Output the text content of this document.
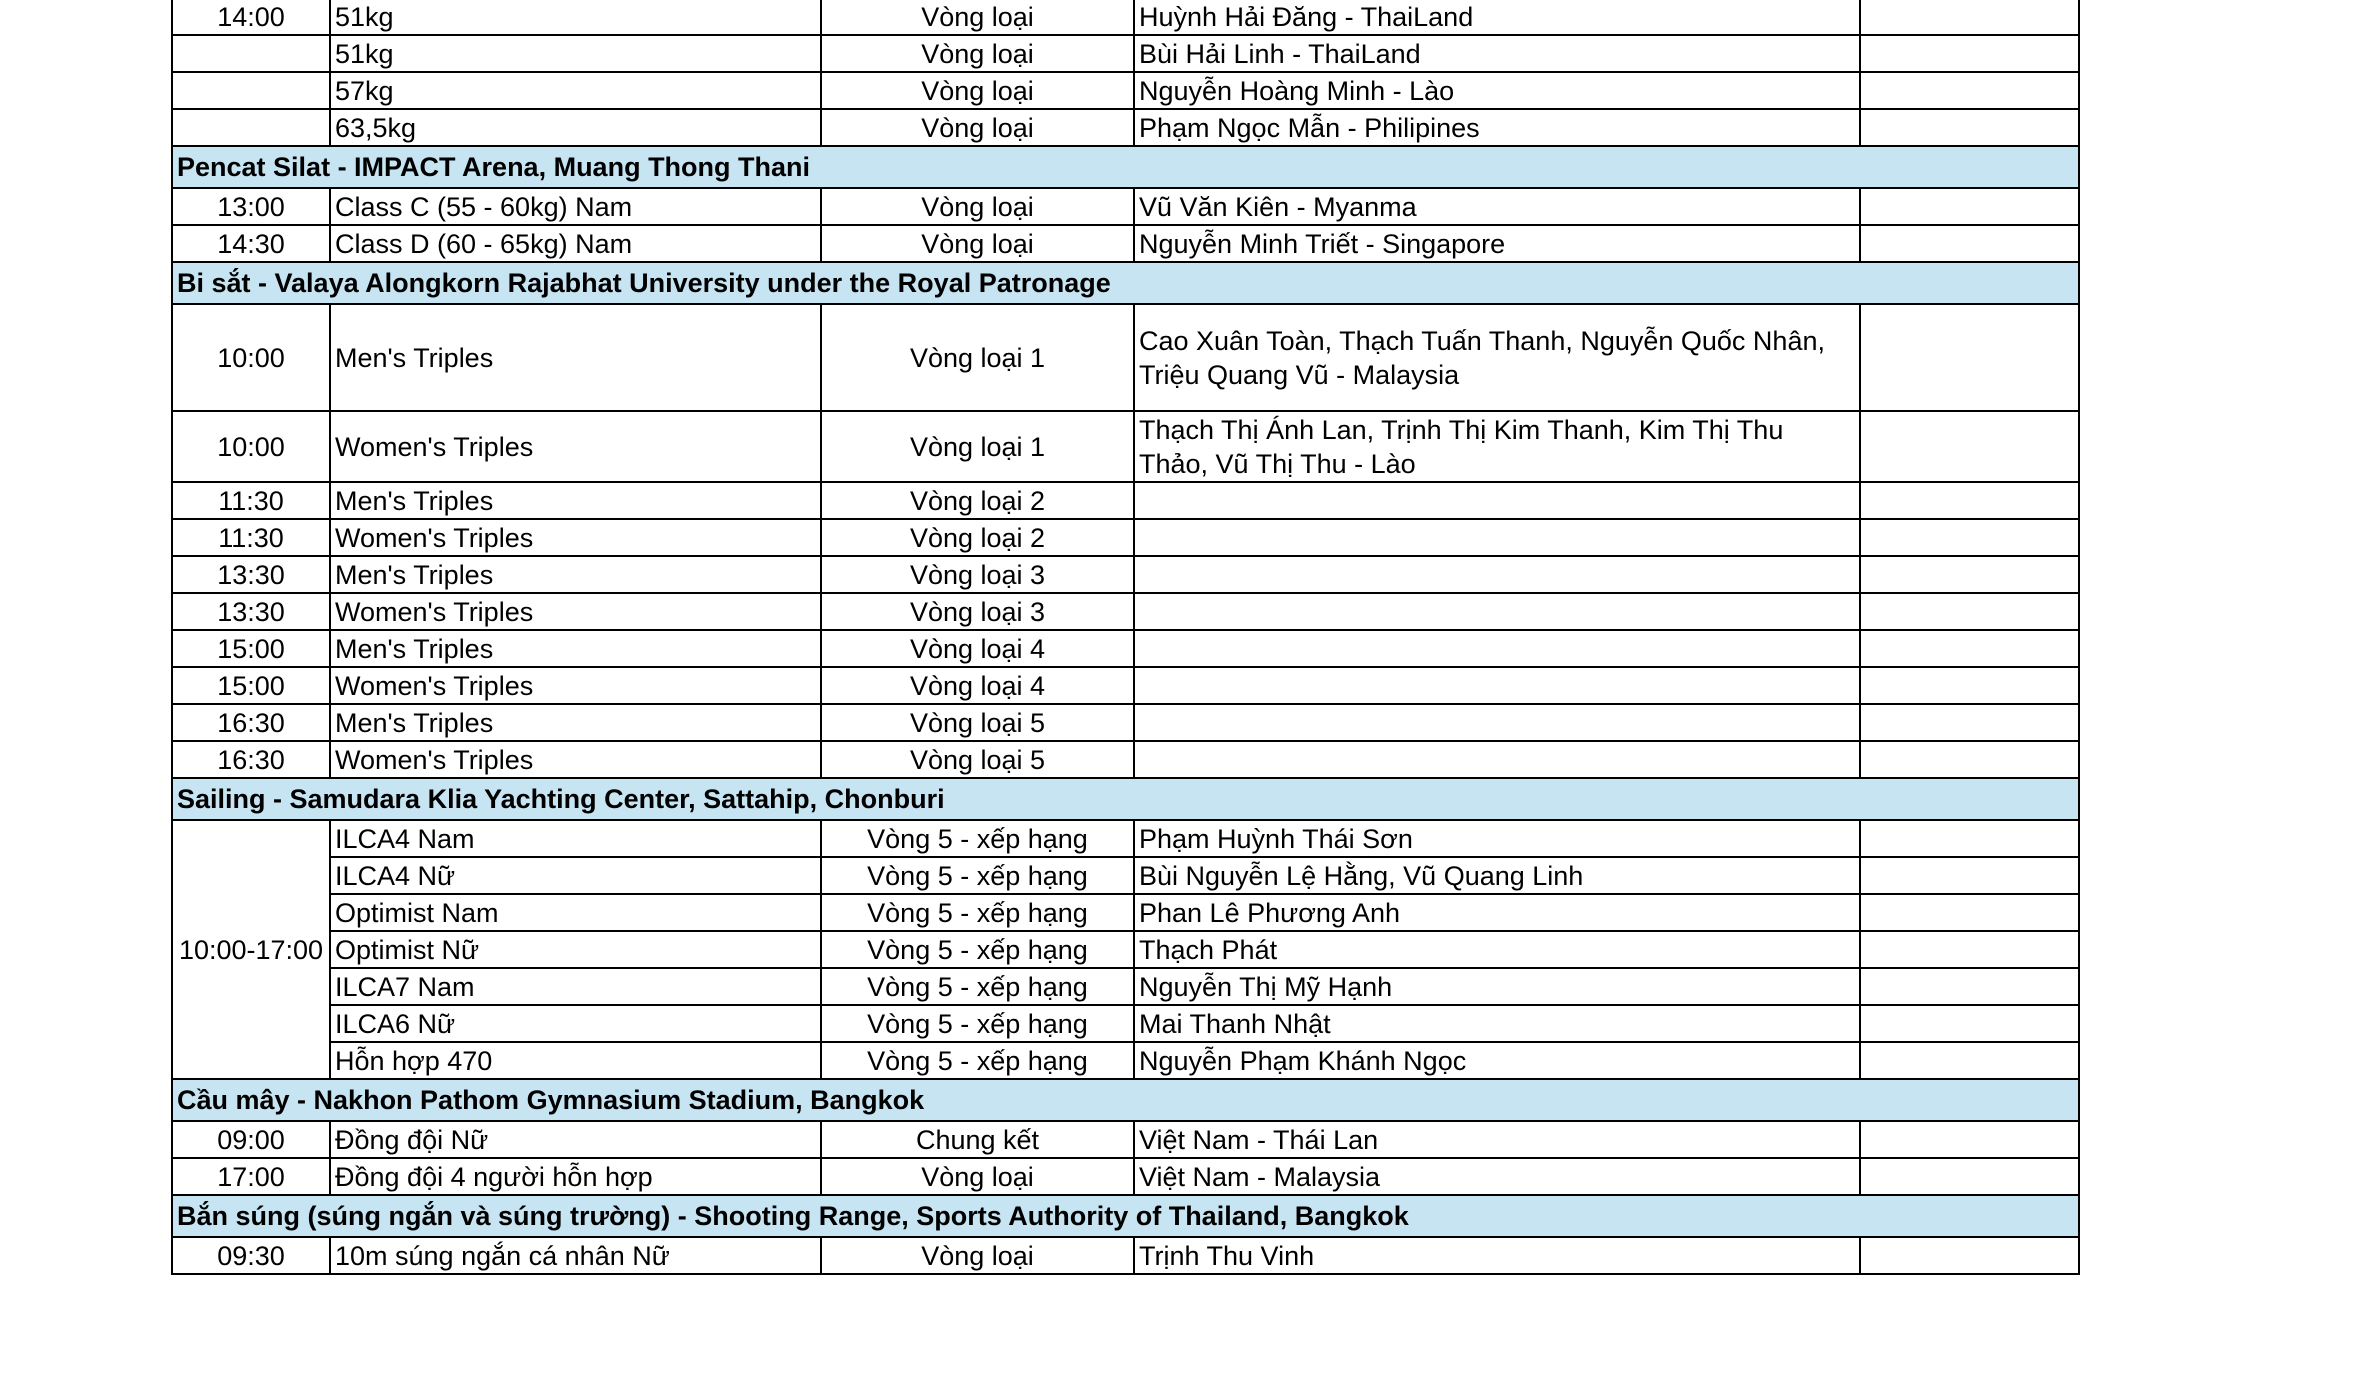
14:00	51kg	Vòng loại	Huỳnh Hải Đăng - ThaiLand	
	51kg	Vòng loại	Bùi Hải Linh - ThaiLand	
	57kg	Vòng loại	Nguyễn Hoàng Minh - Lào	
	63,5kg	Vòng loại	Phạm Ngọc Mẫn - Philipines	
Pencat Silat - IMPACT Arena, Muang Thong Thani				
13:00	Class C (55 - 60kg) Nam	Vòng loại	Vũ Văn Kiên - Myanma	
14:30	Class D (60 - 65kg) Nam	Vòng loại	Nguyễn Minh Triết - Singapore	
Bi sắt - Valaya Alongkorn Rajabhat University under the Royal Patronage				
10:00	Men's Triples	Vòng loại 1	Cao Xuân Toàn, Thạch Tuấn Thanh, Nguyễn Quốc Nhân, Triệu Quang Vũ - Malaysia	
10:00	Women's Triples	Vòng loại 1	Thạch Thị Ánh Lan, Trịnh Thị Kim Thanh, Kim Thị Thu Thảo, Vũ Thị Thu - Lào	
11:30	Men's Triples	Vòng loại 2		
11:30	Women's Triples	Vòng loại 2		
13:30	Men's Triples	Vòng loại 3		
13:30	Women's Triples	Vòng loại 3		
15:00	Men's Triples	Vòng loại 4		
15:00	Women's Triples	Vòng loại 4		
16:30	Men's Triples	Vòng loại 5		
16:30	Women's Triples	Vòng loại 5		
Sailing - Samudara Klia Yachting Center, Sattahip, Chonburi				
10:00-17:00	ILCA4 Nam	Vòng 5 - xếp hạng	Phạm Huỳnh Thái Sơn	
	ILCA4 Nữ	Vòng 5 - xếp hạng	Bùi Nguyễn Lệ Hằng, Vũ Quang Linh	
	Optimist Nam	Vòng 5 - xếp hạng	Phan Lê Phương Anh	
	Optimist Nữ	Vòng 5 - xếp hạng	Thạch Phát	
	ILCA7 Nam	Vòng 5 - xếp hạng	Nguyễn Thị Mỹ Hạnh	
	ILCA6 Nữ	Vòng 5 - xếp hạng	Mai Thanh Nhật	
	Hỗn hợp 470	Vòng 5 - xếp hạng	Nguyễn Phạm Khánh Ngọc	
Cầu mây - Nakhon Pathom Gymnasium Stadium, Bangkok				
09:00	Đồng đội Nữ	Chung kết	Việt Nam - Thái Lan	
17:00	Đồng đội 4 người hỗn hợp	Vòng loại	Việt Nam - Malaysia	
Bắn súng (súng ngắn và súng trường) - Shooting Range, Sports Authority of Thailand, Bangkok				
09:30	10m súng ngắn cá nhân Nữ	Vòng loại	Trịnh Thu Vinh	
